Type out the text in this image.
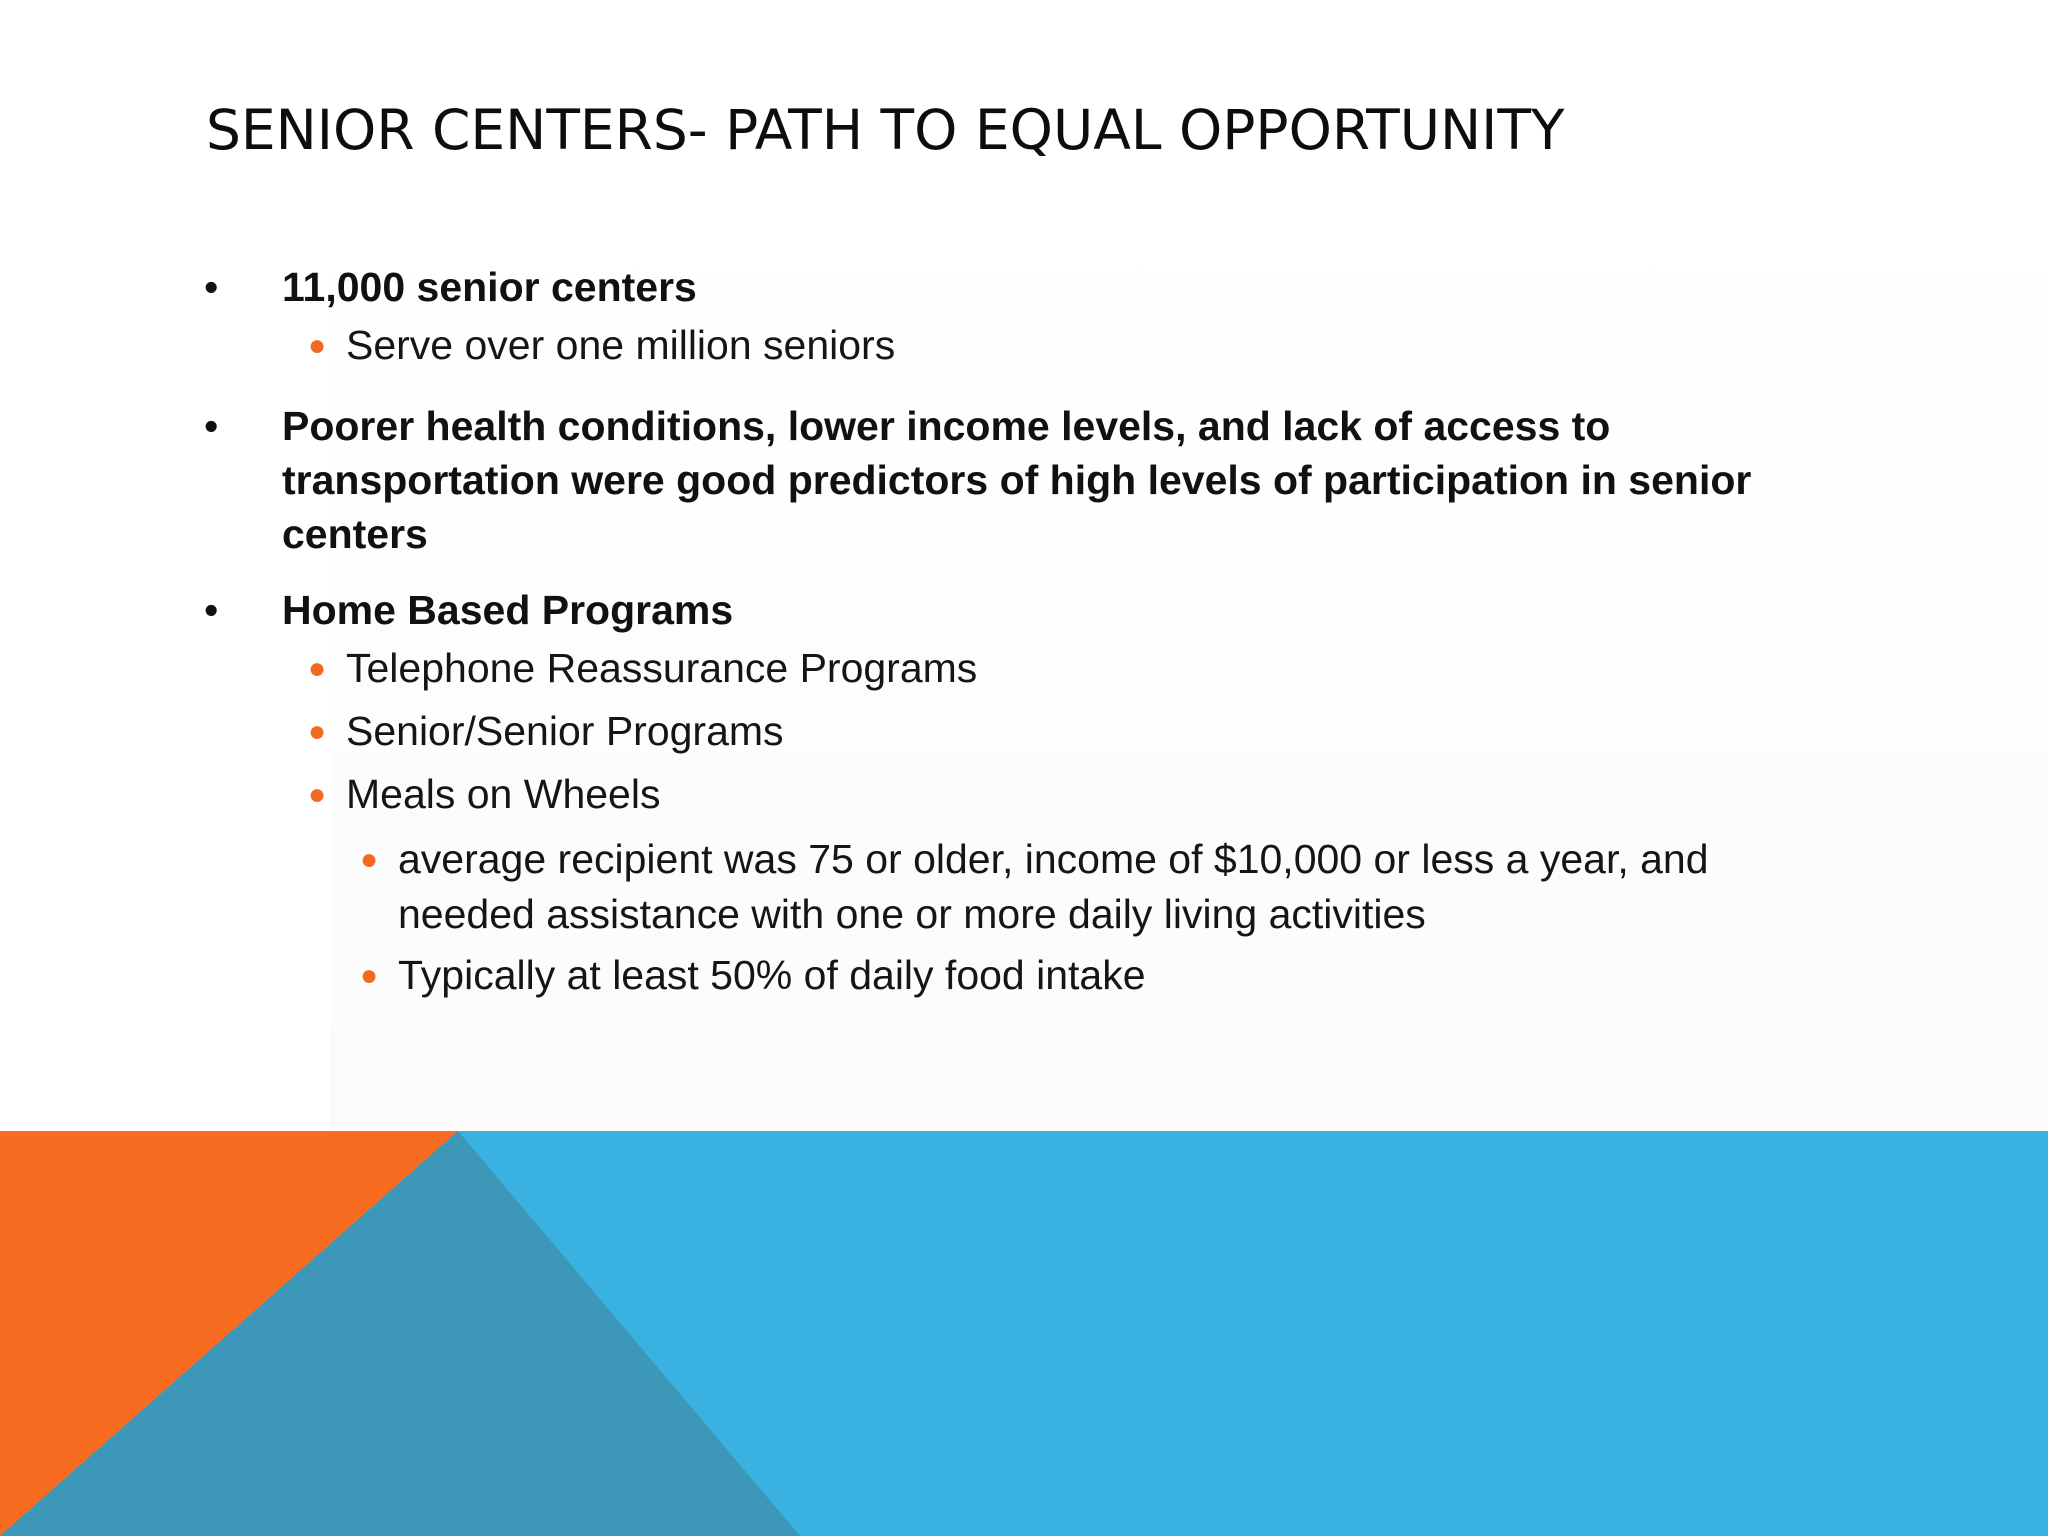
SENIOR CENTERS- PATH TO EQUAL OPPORTUNITY
• 11,000 senior centers
● Serve over one million seniors
• Poorer health conditions, lower income levels, and lack of access to transportation were good predictors of high levels of participation in senior centers
• Home Based Programs
● Telephone Reassurance Programs
● Senior/Senior Programs
● Meals on Wheels
● average recipient was 75 or older, income of $10,000 or less a year, and needed assistance with one or more daily living activities
● Typically at least 50% of daily food intake
